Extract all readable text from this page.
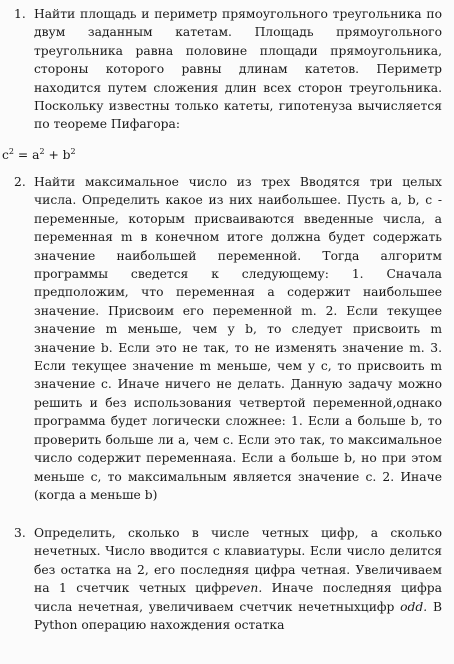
1. Найти площадь и периметр прямоугольного треугольника по двум заданным катетам. Площадь прямоугольного треугольника равна половине площади прямоугольника, стороны которого равны длинам катетов. Периметр находится путем сложения длин всех сторон треугольника. Поскольку известны только катеты, гипотенуза вычисляется по теореме Пифагора:
$c^2 = a^2 + b^2$
2. Найти максимальное число из трех Вводятся три целых числа. Определить какое из них наибольшее. Пусть a, b, c - переменные, которым присваиваются введенные числа, а переменная m в конечном итоге должна будет содержать значение наибольшей переменной. Тогда алгоритм программы сведется к следующему: 1. Сначала предположим, что переменная a содержит наибольшее значение. Присвоим его переменной m. 2. Если текущее значение m меньше, чем у b, то следует присвоить m значение b. Если это не так, то не изменять значение m. 3. Если текущее значение m меньше, чем у c, то присвоить m значение c. Иначе ничего не делать. Данную задачу можно решить и без использования четвертой переменной,однако программа будет логически сложнее: 1. Если a больше b, то проверить больше ли a, чем c. Если это так, то максимальное число содержит переменнаяa. Если a больше b, но при этом меньше c, то максимальным является значение c. 2. Иначе (когда a меньше b)
3. Определить, сколько в числе четных цифр, а сколько нечетных. Число вводится с клавиатуры. Если число делится без остатка на 2, его последняя цифра четная. Увеличиваем на 1 счетчик четных цифрeven. Иначе последняя цифра числа нечетная, увеличиваем счетчик нечетныхцифр odd. В Python операцию нахождения остатка
